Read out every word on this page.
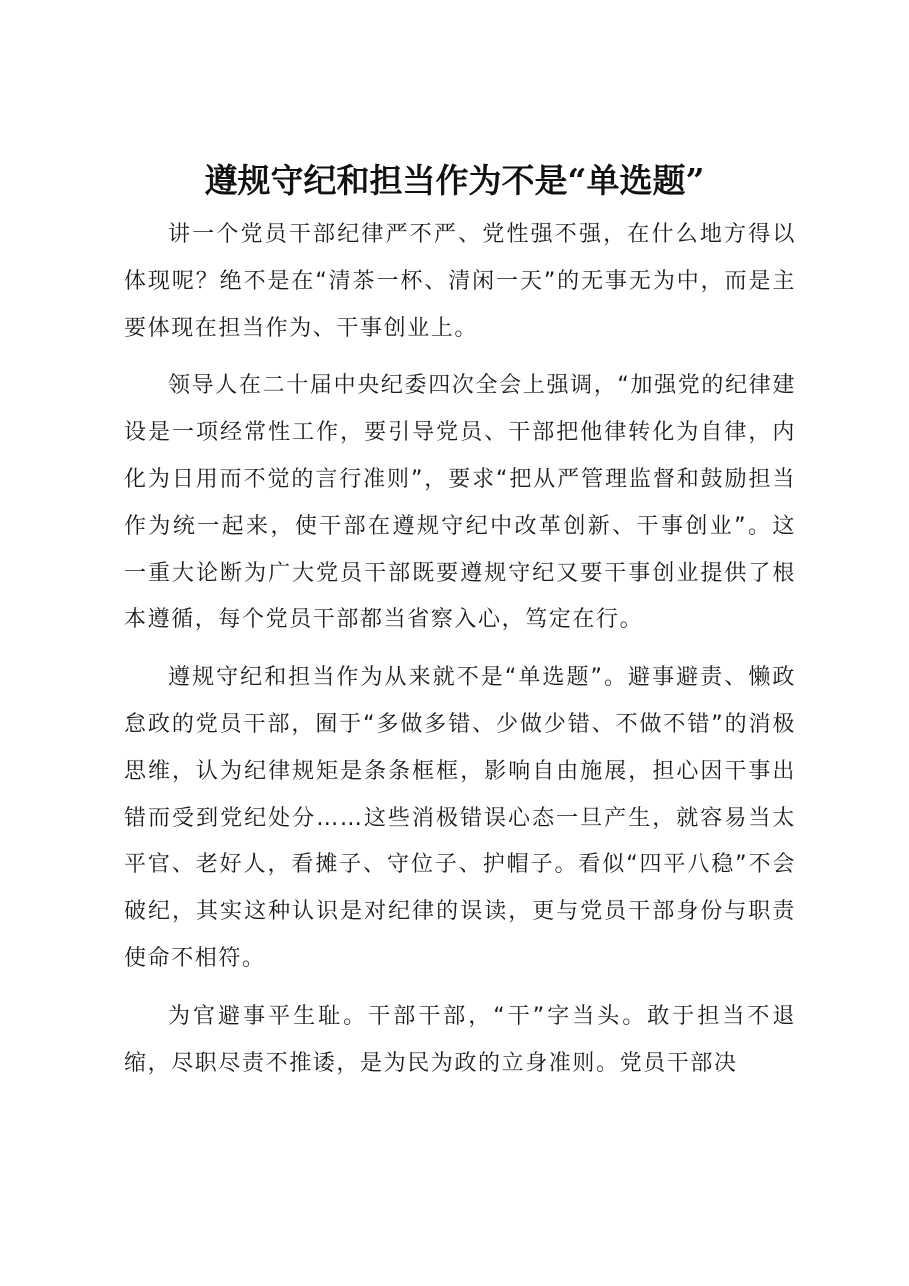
遵规守纪和担当作为不是“单选题”

讲一个党员干部纪律严不严、党性强不强，在什么地方得以体现呢？绝不是在“清茶一杯、清闲一天”的无事无为中，而是主要体现在担当作为、干事创业上。

领导人在二十届中央纪委四次全会上强调，“加强党的纪律建设是一项经常性工作，要引导党员、干部把他律转化为自律，内化为日用而不觉的言行准则”，要求“把从严管理监督和鼓励担当作为统一起来，使干部在遵规守纪中改革创新、干事创业”。这一重大论断为广大党员干部既要遵规守纪又要干事创业提供了根本遵循，每个党员干部都当省察入心，笃定在行。

遵规守纪和担当作为从来就不是“单选题”。避事避责、懒政怠政的党员干部，囿于“多做多错、少做少错、不做不错”的消极思维，认为纪律规矩是条条框框，影响自由施展，担心因干事出错而受到党纪处分……这些消极错误心态一旦产生，就容易当太平官、老好人，看摊子、守位子、护帽子。看似“四平八稳”不会破纪，其实这种认识是对纪律的误读，更与党员干部身份与职责使命不相符。

为官避事平生耻。干部干部，“干”字当头。敢于担当不退缩，尽职尽责不推诿，是为民为政的立身准则。党员干部决
